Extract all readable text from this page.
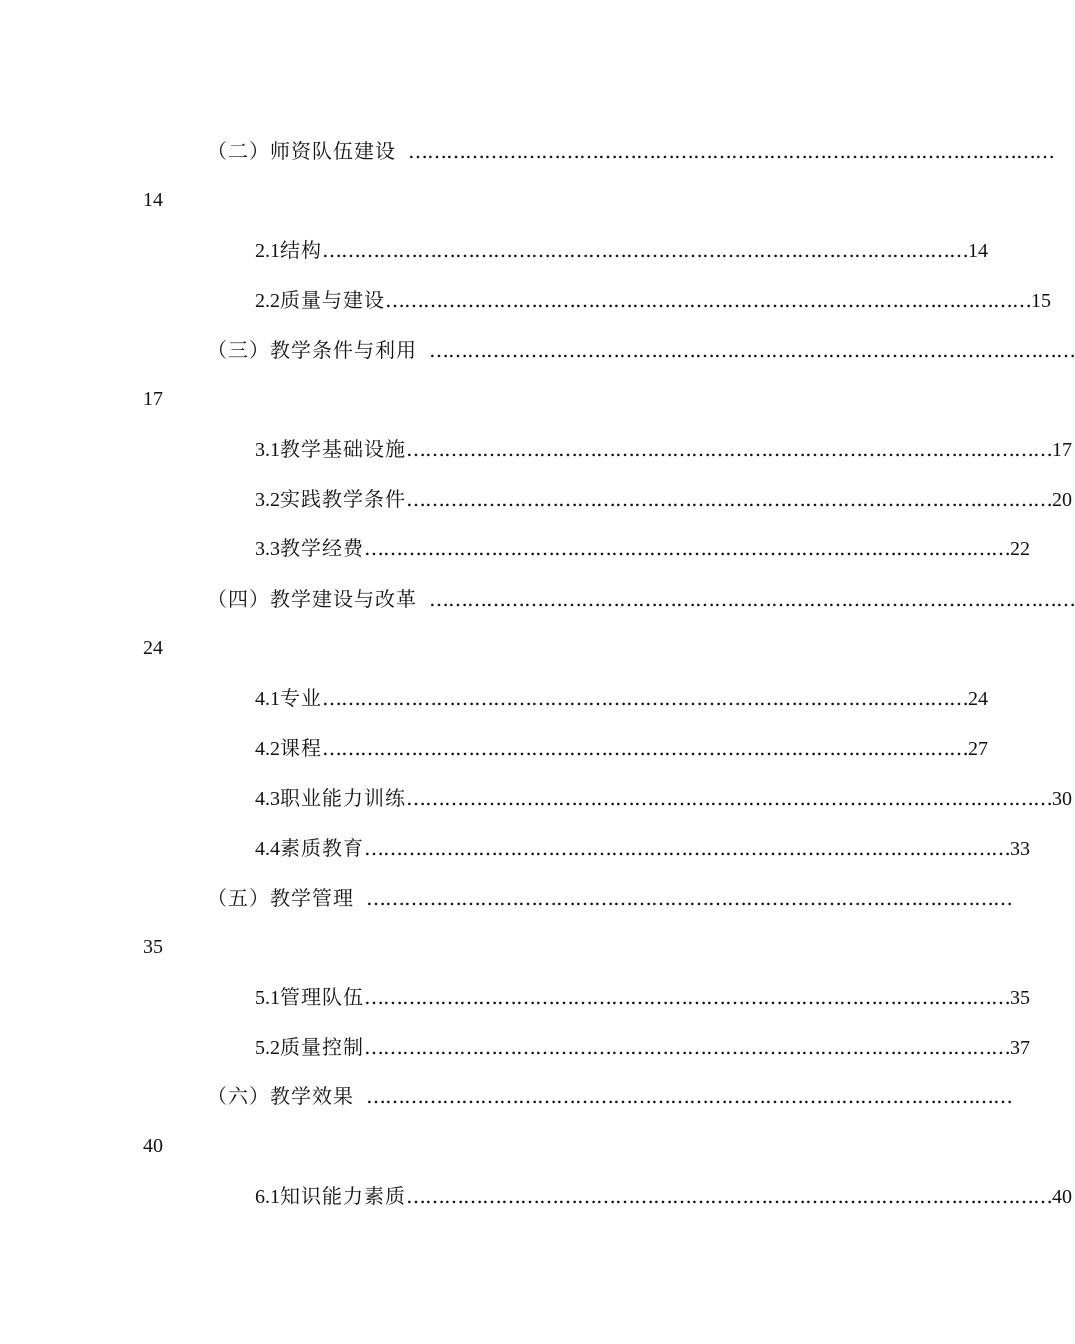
（二）师资队伍建设 …………………………………………………………………………………………
14
2.1 结构 ………………………………………………………………………………………… 14
2.2 质量与建设 ………………………………………………………………………………………… 15
（三）教学条件与利用 …………………………………………………………………………………………
17
3.1 教学基础设施 ………………………………………………………………………………………… 17
3.2 实践教学条件 ………………………………………………………………………………………… 20
3.3 教学经费 ………………………………………………………………………………………… 22
（四）教学建设与改革 …………………………………………………………………………………………
24
4.1 专业 ………………………………………………………………………………………… 24
4.2 课程 ………………………………………………………………………………………… 27
4.3 职业能力训练 ………………………………………………………………………………………… 30
4.4 素质教育 ………………………………………………………………………………………… 33
（五）教学管理 …………………………………………………………………………………………
35
5.1 管理队伍 ………………………………………………………………………………………… 35
5.2 质量控制 ………………………………………………………………………………………… 37
（六）教学效果 …………………………………………………………………………………………
40
6.1 知识能力素质 ………………………………………………………………………………………… 40
